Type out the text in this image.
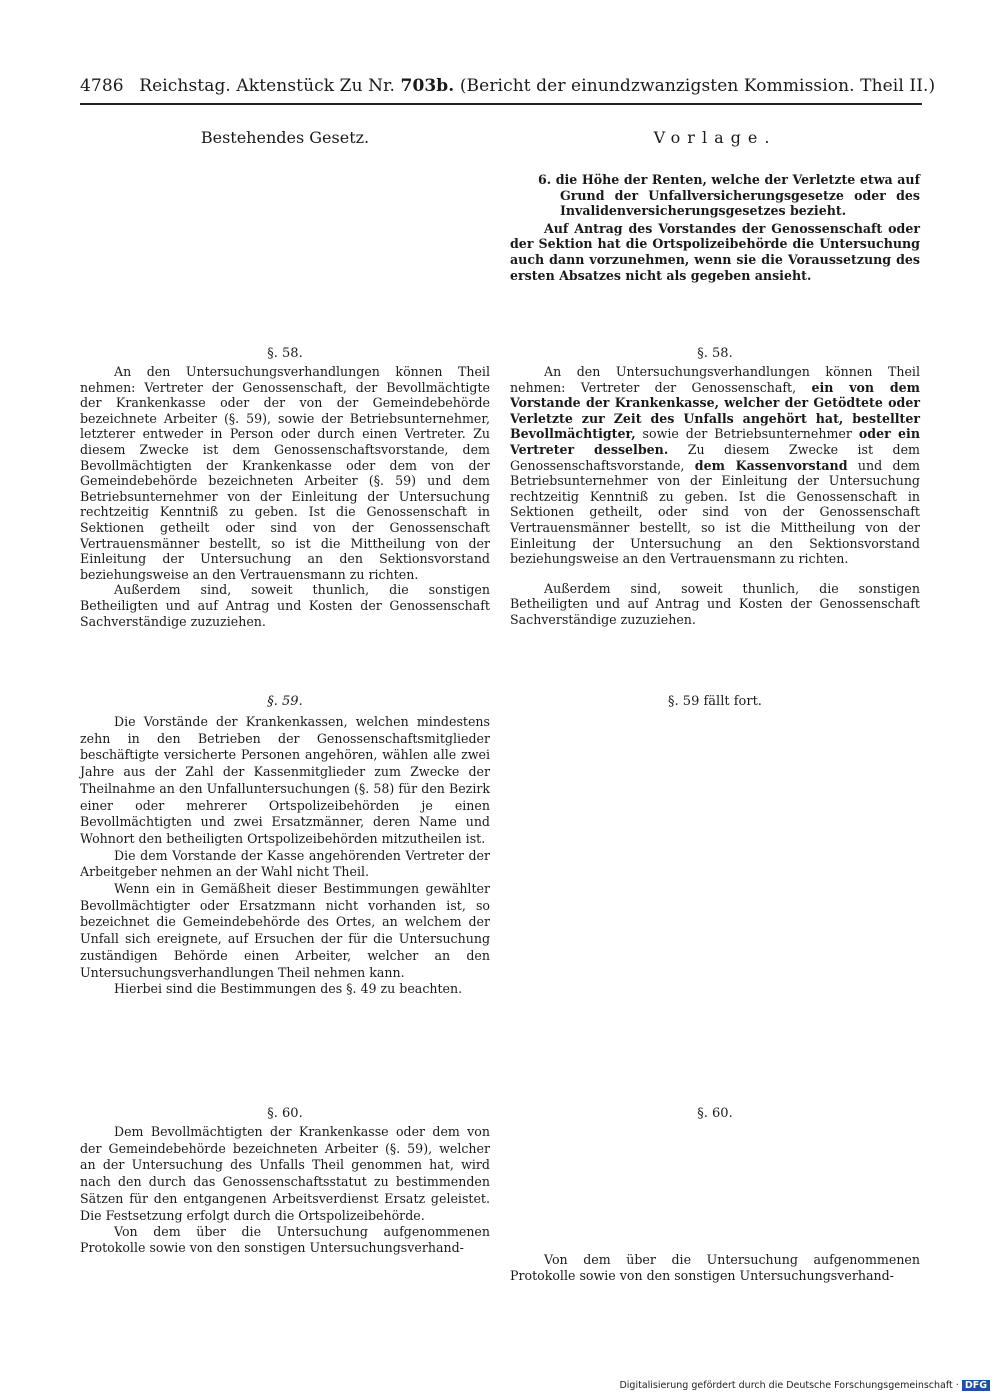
4786 Reichstag. Aktenstück Zu Nr. 703b. (Bericht der einundzwanzigsten Kommission. Theil II.)
Bestehendes Gesetz.	Vorlage.

6. die Höhe der Renten, welche der Verletzte etwa auf Grund der Unfallversicherungsgesetze oder des Invalidenversicherungsgesetzes bezieht.

Auf Antrag des Vorstandes der Genossenschaft oder der Sektion hat die Ortspolizeibehörde die Untersuchung auch dann vorzunehmen, wenn sie die Voraussetzung des ersten Absatzes nicht als gegeben ansieht.

§. 58.

An den Untersuchungsverhandlungen können Theil nehmen: Vertreter der Genossenschaft, der Bevollmächtigte der Krankenkasse oder der von der Gemeindebehörde bezeichnete Arbeiter (§. 59), sowie der Betriebsunternehmer, letzterer entweder in Person oder durch einen Vertreter. Zu diesem Zwecke ist dem Genossenschaftsvorstande, dem Bevollmächtigten der Krankenkasse oder dem von der Gemeindebehörde bezeichneten Arbeiter (§. 59) und dem Betriebsunternehmer von der Einleitung der Untersuchung rechtzeitig Kenntniß zu geben. Ist die Genossenschaft in Sektionen getheilt oder sind von der Genossenschaft Vertrauensmänner bestellt, so ist die Mittheilung von der Einleitung der Untersuchung an den Sektionsvorstand beziehungsweise an den Vertrauensmann zu richten.

Außerdem sind, soweit thunlich, die sonstigen Betheiligten und auf Antrag und Kosten der Genossenschaft Sachverständige zuzuziehen.

§. 58.

An den Untersuchungsverhandlungen können Theil nehmen: Vertreter der Genossenschaft, ein von dem Vorstande der Krankenkasse, welcher der Getödtete oder Verletzte zur Zeit des Unfalls angehört hat, bestellter Bevollmächtigter, sowie der Betriebsunternehmer oder ein Vertreter desselben. Zu diesem Zwecke ist dem Genossenschaftsvorstande, dem Kassenvorstand und dem Betriebsunternehmer von der Einleitung der Untersuchung rechtzeitig Kenntniß zu geben. Ist die Genossenschaft in Sektionen getheilt, oder sind von der Genossenschaft Vertrauensmänner bestellt, so ist die Mittheilung von der Einleitung der Untersuchung an den Sektionsvorstand beziehungsweise an den Vertrauensmann zu richten.

Außerdem sind, soweit thunlich, die sonstigen Betheiligten und auf Antrag und Kosten der Genossenschaft Sachverständige zuzuziehen.

§. 59.

Die Vorstände der Krankenkassen, welchen mindestens zehn in den Betrieben der Genossenschaftsmitglieder beschäftigte versicherte Personen angehören, wählen alle zwei Jahre aus der Zahl der Kassenmitglieder zum Zwecke der Theilnahme an den Unfalluntersuchungen (§. 58) für den Bezirk einer oder mehrerer Ortspolizeibehörden je einen Bevollmächtigten und zwei Ersatzmänner, deren Name und Wohnort den betheiligten Ortspolizeibehörden mitzutheilen ist.

Die dem Vorstande der Kasse angehörenden Vertreter der Arbeitgeber nehmen an der Wahl nicht Theil.

Wenn ein in Gemäßheit dieser Bestimmungen gewählter Bevollmächtigter oder Ersatzmann nicht vorhanden ist, so bezeichnet die Gemeindebehörde des Ortes, an welchem der Unfall sich ereignete, auf Ersuchen der für die Untersuchung zuständigen Behörde einen Arbeiter, welcher an den Untersuchungsverhandlungen Theil nehmen kann.

Hierbei sind die Bestimmungen des §. 49 zu beachten.

§. 59 fällt fort.
§. 60.

Dem Bevollmächtigten der Krankenkasse oder dem von der Gemeindebehörde bezeichneten Arbeiter (§. 59), welcher an der Untersuchung des Unfalls Theil genommen hat, wird nach den durch das Genossenschaftsstatut zu bestimmenden Sätzen für den entgangenen Arbeitsverdienst Ersatz geleistet. Die Festsetzung erfolgt durch die Ortspolizeibehörde.

Von dem über die Untersuchung aufgenommenen Protokolle sowie von den sonstigen Untersuchungsverhand-

§. 60.

Von dem über die Untersuchung aufgenommenen Protokolle sowie von den sonstigen Untersuchungsverhand-

Digitalisierung gefördert durch die Deutsche Forschungsgemeinschaft · DFG
